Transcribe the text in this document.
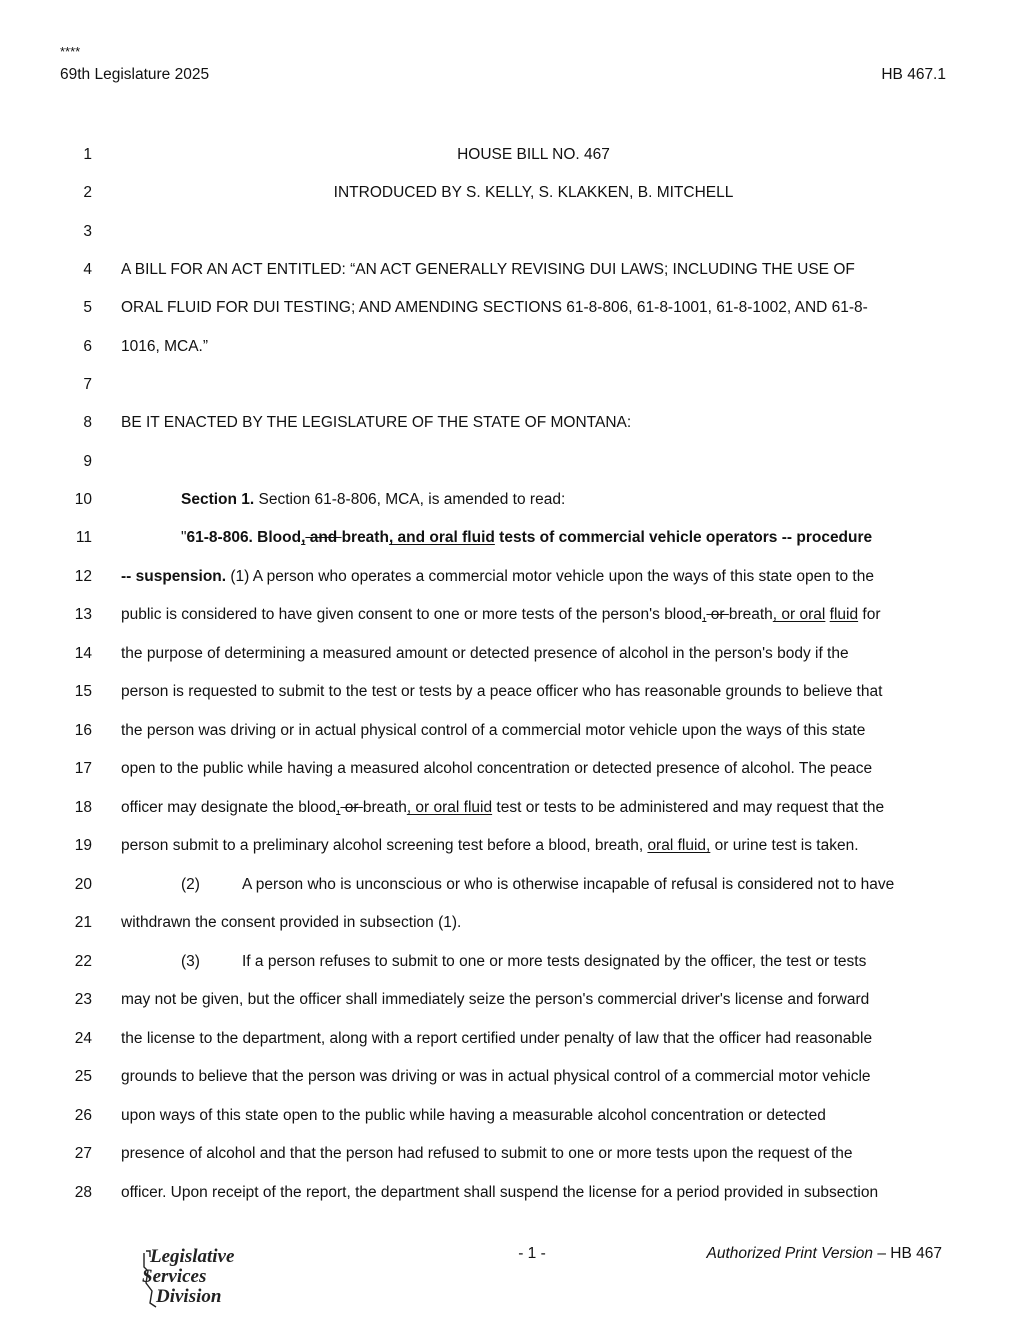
****
69th Legislature 2025	HB 467.1
1
2
3
4
5
6
7
8
9
10
11
12
13
14
15
16
17
18
19
20
21
22
23
24
25
26
27
28
HOUSE BILL NO. 467
INTRODUCED BY S. KELLY, S. KLAKKEN, B. MITCHELL
A BILL FOR AN ACT ENTITLED: “AN ACT GENERALLY REVISING DUI LAWS; INCLUDING THE USE OF
ORAL FLUID FOR DUI TESTING; AND AMENDING SECTIONS 61-8-806, 61-8-1001, 61-8-1002, AND 61-8-
1016, MCA.”
BE IT ENACTED BY THE LEGISLATURE OF THE STATE OF MONTANA:
Section 1. Section 61-8-806, MCA, is amended to read:
"61-8-806. Blood, and breath, and oral fluid tests of commercial vehicle operators -- procedure
-- suspension. (1) A person who operates a commercial motor vehicle upon the ways of this state open to the
public is considered to have given consent to one or more tests of the person's blood, or breath, or oral fluid for
the purpose of determining a measured amount or detected presence of alcohol in the person's body if the
person is requested to submit to the test or tests by a peace officer who has reasonable grounds to believe that
the person was driving or in actual physical control of a commercial motor vehicle upon the ways of this state
open to the public while having a measured alcohol concentration or detected presence of alcohol. The peace
officer may designate the blood, or breath, or oral fluid test or tests to be administered and may request that the
person submit to a preliminary alcohol screening test before a blood, breath, oral fluid, or urine test is taken.
(2)	A person who is unconscious or who is otherwise incapable of refusal is considered not to have
withdrawn the consent provided in subsection (1).
(3)	If a person refuses to submit to one or more tests designated by the officer, the test or tests
may not be given, but the officer shall immediately seize the person's commercial driver's license and forward
the license to the department, along with a report certified under penalty of law that the officer had reasonable
grounds to believe that the person was driving or was in actual physical control of a commercial motor vehicle
upon ways of this state open to the public while having a measurable alcohol concentration or detected
presence of alcohol and that the person had refused to submit to one or more tests upon the request of the
officer. Upon receipt of the report, the department shall suspend the license for a period provided in subsection
Legislative
Services
Division
- 1 -	Authorized Print Version – HB 467
